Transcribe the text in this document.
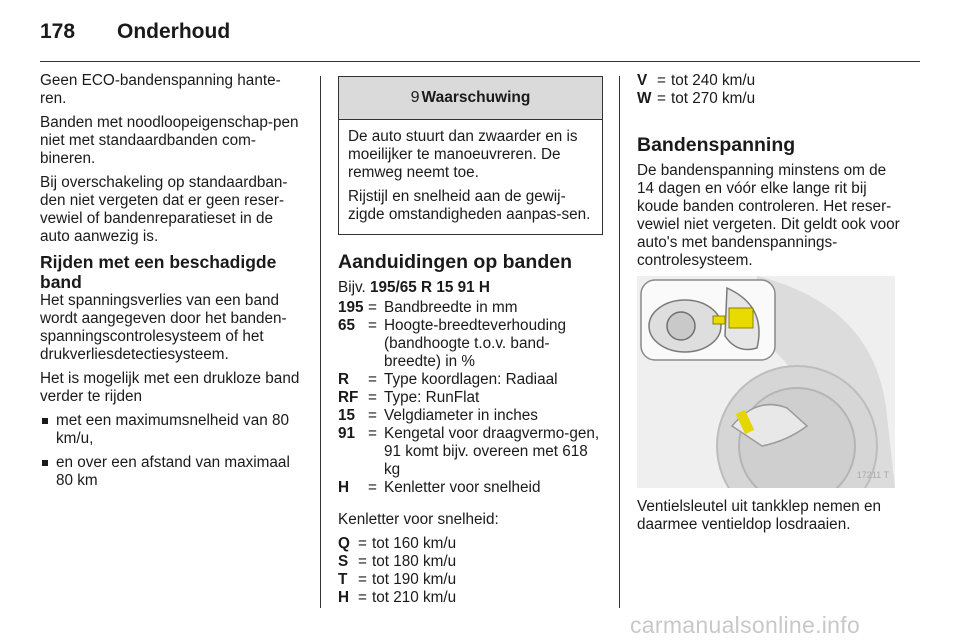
178 Onderhoud

Geen ECO-bandenspanning hante-ren.

Banden met noodloopeigenschap-pen niet met standaardbanden com-bineren.

Bij overschakeling op standaardban-den niet vergeten dat er geen reser-vewiel of bandenreparatieset in de auto aanwezig is.

Rijden met een beschadigde band

Het spanningsverlies van een band wordt aangegeven door het banden-spanningscontrolesysteem of het drukverliesdetectiesysteem.

Het is mogelijk met een drukloze band verder te rijden

met een maximumsnelheid van 80 km/u,
en over een afstand van maximaal 80 km
9 Waarschuwing

De auto stuurt dan zwaarder en is moeilijker te manoeuvreren. De remweg neemt toe.

Rijstijl en snelheid aan de gewij-zigde omstandigheden aanpas-sen.

Aanduidingen op banden
Bijv. 195/65 R 15 91 H
195	=	Bandbreedte in mm
65	=	Hoogte-breedteverhouding (bandhoogte t.o.v. band-breedte) in %
R	=	Type koordlagen: Radiaal
RF	=	Type: RunFlat
15	=	Velgdiameter in inches
91	=	Kengetal voor draagvermo-gen, 91 komt bijv. overeen met 618 kg
H	=	Kenletter voor snelheid

Kenletter voor snelheid:

Q	=	tot 160 km/u
S	=	tot 180 km/u
T	=	tot 190 km/u
H	=	tot 210 km/u
V	=	tot 240 km/u
W	=	tot 270 km/u
Bandenspanning

De bandenspanning minstens om de 14 dagen en vóór elke lange rit bij koude banden controleren. Het reser-vewiel niet vergeten. Dit geldt ook voor auto's met bandenspannings-controlesysteem.

17211 T

Ventielsleutel uit tankklep nemen en daarmee ventieldop losdraaien.

carmanualsonline.info
